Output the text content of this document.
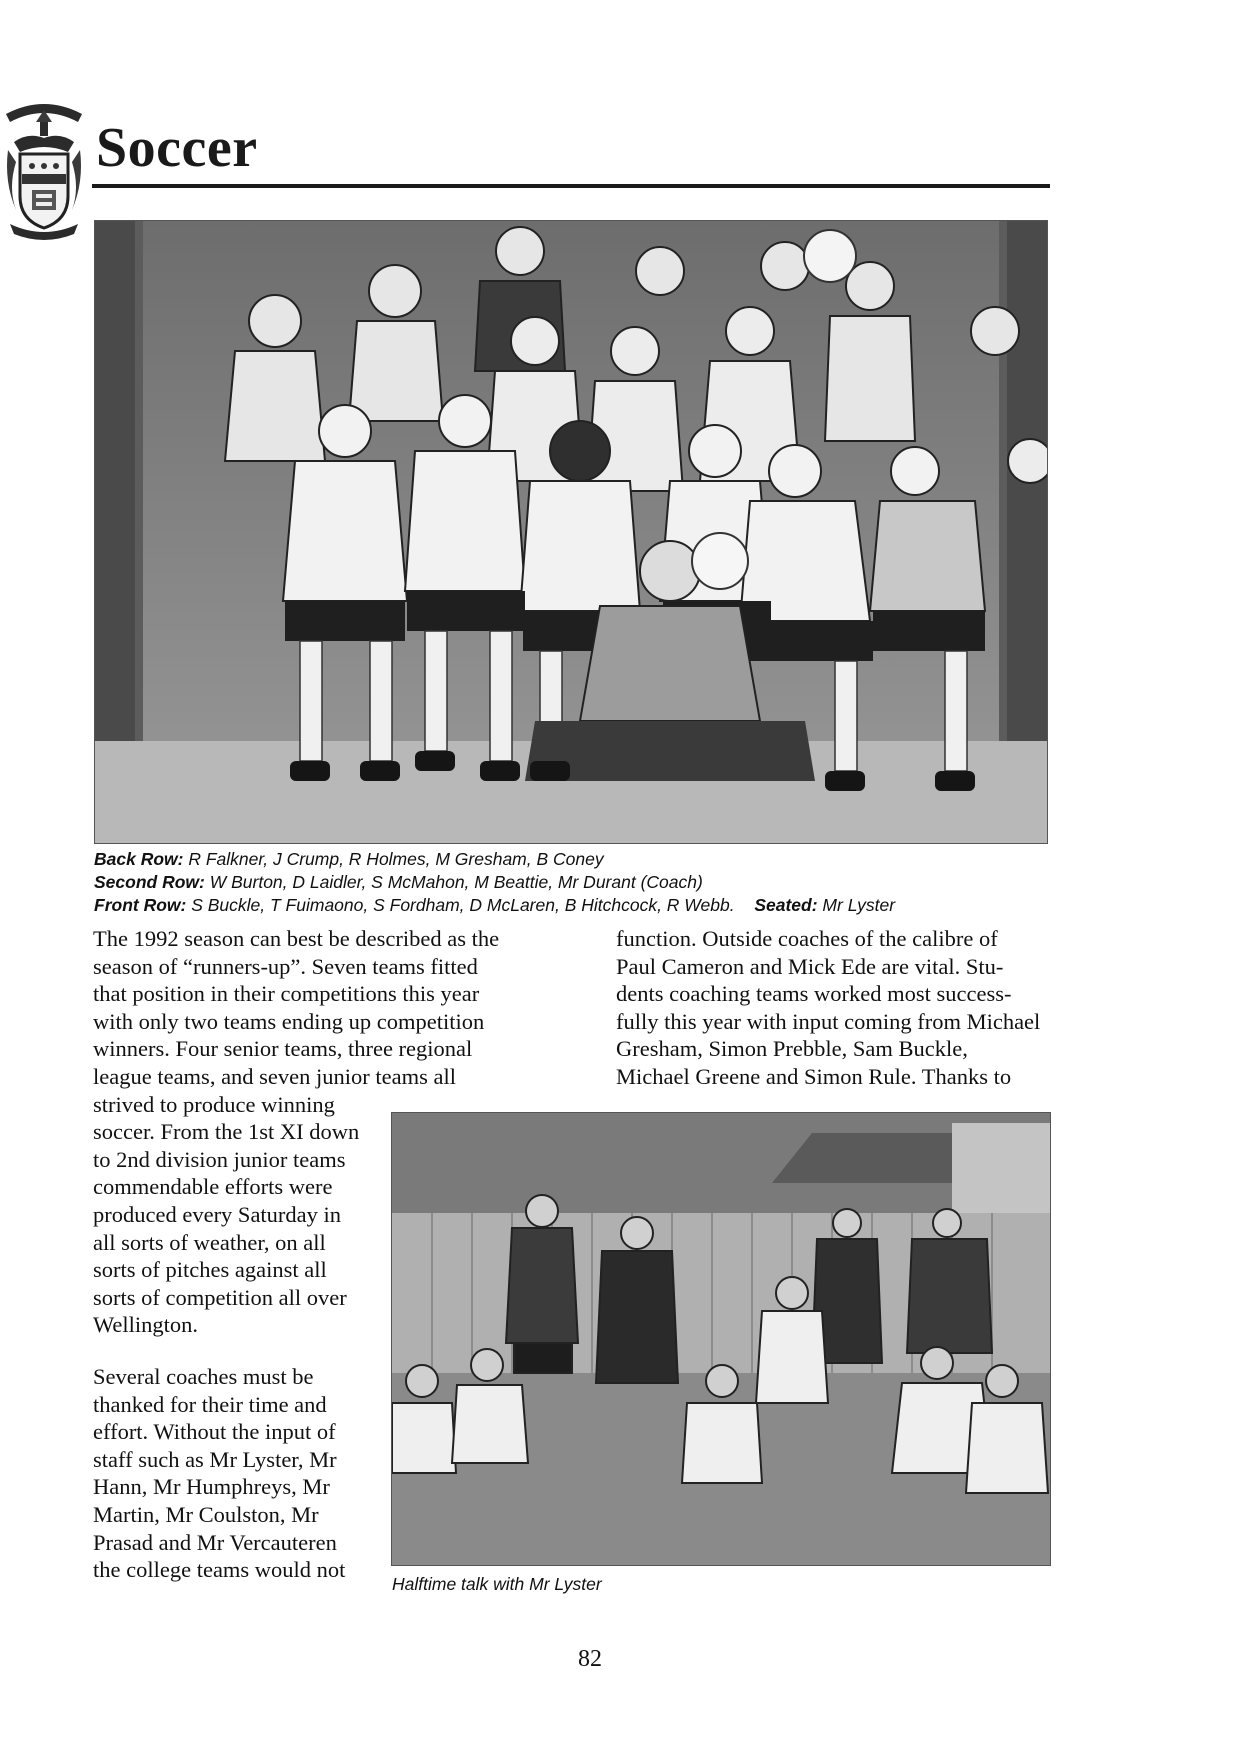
Soccer
Back Row: R Falkner, J Crump, R Holmes, M Gresham, B Coney
Second Row: W Burton, D Laidler, S McMahon, M Beattie, Mr Durant (Coach)
Front Row: S Buckle, T Fuimaono, S Fordham, D McLaren, B Hitchcock, R Webb. Seated: Mr Lyster
The 1992 season can best be described as the
season of “runners-up”. Seven teams fitted
that position in their competitions this year
with only two teams ending up competition
winners. Four senior teams, three regional
league teams, and seven junior teams all
strived to produce winning
soccer. From the 1st XI down
to 2nd division junior teams
commendable efforts were
produced every Saturday in
all sorts of weather, on all
sorts of pitches against all
sorts of competition all over
Wellington.
Several coaches must be
thanked for their time and
effort. Without the input of
staff such as Mr Lyster, Mr
Hann, Mr Humphreys, Mr
Martin, Mr Coulston, Mr
Prasad and Mr Vercauteren
the college teams would not
function. Outside coaches of the calibre of
Paul Cameron and Mick Ede are vital. Stu-
dents coaching teams worked most success-
fully this year with input coming from Michael
Gresham, Simon Prebble, Sam Buckle,
Michael Greene and Simon Rule. Thanks to
Halftime talk with Mr Lyster
82
